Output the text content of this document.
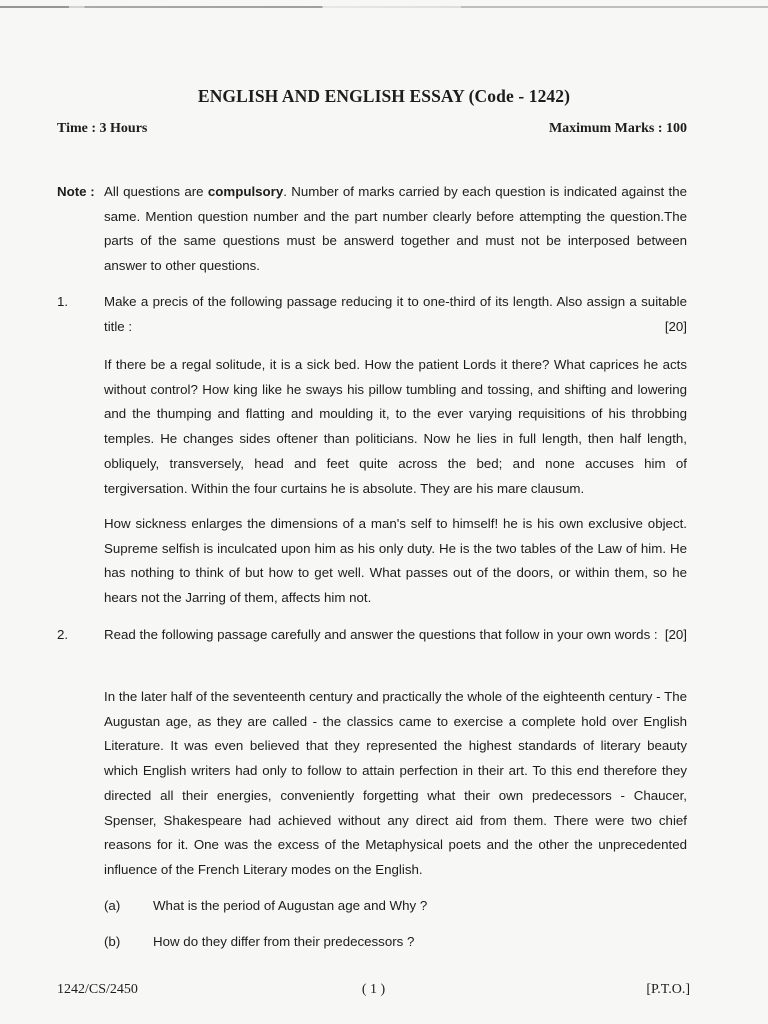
ENGLISH AND ENGLISH ESSAY (Code - 1242)
Time : 3 Hours	Maximum Marks : 100
Note : All questions are compulsory. Number of marks carried by each question is indicated against the same. Mention question number and the part number clearly before attempting the question.The parts of the same questions must be answerd together and must not be interposed between answer to other questions.
1.	Make a precis of the following passage reducing it to one-third of its length. Also assign a suitable title :	[20]
If there be a regal solitude, it is a sick bed. How the patient Lords it there? What caprices he acts without control? How king like he sways his pillow tumbling and tossing, and shifting and lowering and the thumping and flatting and moulding it, to the ever varying requisitions of his throbbing temples. He changes sides oftener than politicians. Now he lies in full length, then half length, obliquely, transversely, head and feet quite across the bed; and none accuses him of tergiversation. Within the four curtains he is absolute. They are his mare clausum.
How sickness enlarges the dimensions of a man's self to himself! he is his own exclusive object. Supreme selfish is inculcated upon him as his only duty. He is the two tables of the Law of him. He has nothing to think of but how to get well. What passes out of the doors, or within them, so he hears not the Jarring of them, affects him not.
2.	Read the following passage carefully and answer the questions that follow in your own words : [20]
In the later half of the seventeenth century and practically the whole of the eighteenth century - The Augustan age, as they are called - the classics came to exercise a complete hold over English Literature. It was even believed that they represented the highest standards of literary beauty which English writers had only to follow to attain perfection in their art. To this end therefore they directed all their energies, conveniently forgetting what their own predecessors - Chaucer, Spenser, Shakespeare had achieved without any direct aid from them. There were two chief reasons for it. One was the excess of the Metaphysical poets and the other the unprecedented influence of the French Literary modes on the English.
(a) What is the period of Augustan age and Why ?
(b) How do they differ from their predecessors ?
1242/CS/2450	( 1 )	[P.T.O.]
